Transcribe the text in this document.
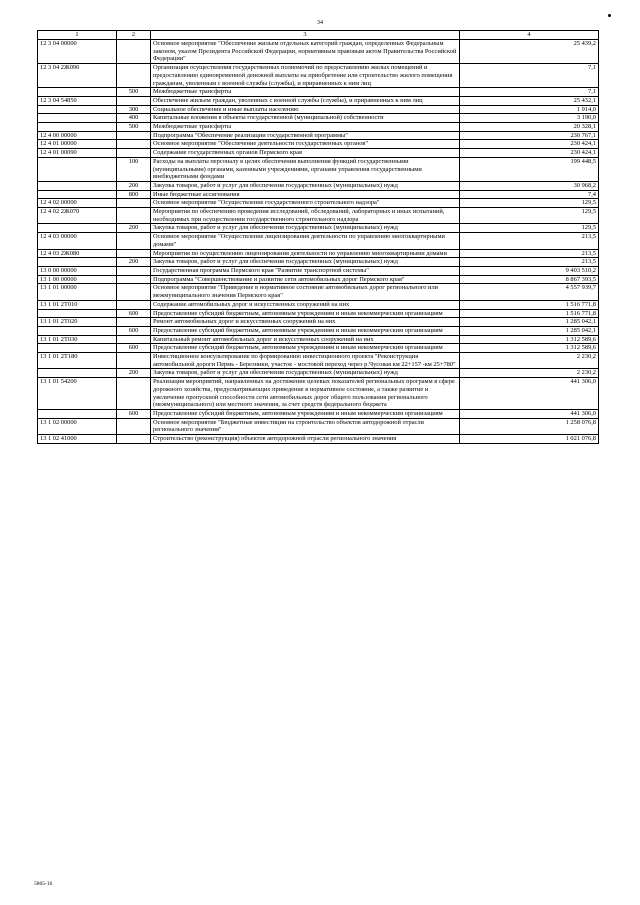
34
1	2	3	4
12 3 04 00000		Основное мероприятие "Обеспечение жильем отдельных категорий граждан, определенных Федеральным законом, указом Президента Российской Федерации, нормативным правовым актом Правительства Российской Федерации"	25 439,2
12 3 04 2Ж090		Организация осуществления государственных полномочий по предоставлению жилых помещений и предоставлению единовременной денежной выплаты на приобретение или строительство жилого помещения гражданам, уволенным с военной службы (службы), и приравненных к ним лиц	7,1
	500	Межбюджетные трансферты	7,1
12 3 04 54850		Обеспечение жильем граждан, уволенных с военной службы (службы), и приравненных к ним лиц	25 432,1
	300	Социальное обеспечение и иные выплаты населению	1 914,0
	400	Капитальные вложения в объекты государственной (муниципальной) собственности	3 190,0
	500	Межбюджетные трансферты	20 328,1
12 4 00 00000		Подпрограмма "Обеспечение реализации государственной программы"	230 767,1
12 4 01 00000		Основное мероприятие "Обеспечение деятельности государственных органов"	230 424,1
12 4 01 00090		Содержание государственных органов Пермского края	230 424,1
	100	Расходы на выплаты персоналу в целях обеспечения выполнения функций государственными (муниципальными) органами, казенными учреждениями, органами управления государственными внебюджетными фондами	199 448,5
	200	Закупка товаров, работ и услуг для обеспечения государственных (муниципальных) нужд	30 968,2
	800	Иные бюджетные ассигнования	7,4
12 4 02 00000		Основное мероприятие "Осуществление государственного строительного надзора"	129,5
12 4 02 2Ж070		Мероприятия по обеспечению проведения исследований, обследований, лабораторных и иных испытаний, необходимых при осуществлении государственного строительного надзора	129,5
	200	Закупка товаров, работ и услуг для обеспечения государственных (муниципальных) нужд	129,5
12 4 03 00000		Основное мероприятие "Осуществление лицензирования деятельности по управлению многоквартирными домами"	213,5
12 4 03 2Ж080		Мероприятия по осуществлению лицензирования деятельности по управлению многоквартирными домами	213,5
	200	Закупка товаров, работ и услуг для обеспечения государственных (муниципальных) нужд	213,5
13 0 00 00000		Государственная программа Пермского края "Развитие транспортной системы"	9 403 510,2
13 1 00 00000		Подпрограмма "Совершенствование и развитие сети автомобильных дорог Пермского края"	8 867 393,5
13 1 01 00000		Основное мероприятие "Приведение в нормативное состояние автомобильных дорог регионального или межмуниципального значения Пермского края"	4 557 939,7
13 1 01 2Т010		Содержание автомобильных дорог и искусственных сооружений на них	1 516 771,8
	600	Предоставление субсидий бюджетным, автономным учреждениям и иным некоммерческим организациям	1 516 771,8
13 1 01 2Т020		Ремонт автомобильных дорог и искусственных сооружений на них	1 285 042,1
	600	Предоставление субсидий бюджетным, автономным учреждениям и иным некоммерческим организациям	1 285 042,1
13 1 01 2Т030		Капитальный ремонт автомобильных дорог и искусственных сооружений на них	1 312 589,6
	600	Предоставление субсидий бюджетным, автономным учреждениям и иным некоммерческим организациям	1 312 589,6
13 1 01 2Т180		Инвестиционное консультирование по формированию инвестиционного проекта "Реконструкция автомобильной дороги Пермь - Березники, участок - мостовой переход через р.Чусовая км 22+157 -км 25+780"	2 230,2
	200	Закупка товаров, работ и услуг для обеспечения государственных (муниципальных) нужд	2 230,2
13 1 01 54200		Реализация мероприятий, направленных на достижение целевых показателей региональных программ в сфере дорожного хозяйства, предусматривающих приведение в нормативное состояние, а также развитие и увеличение пропускной способности сети автомобильных дорог общего пользования регионального (межмуниципального) или местного значения, за счет средств федерального бюджета	441 306,0
	600	Предоставление субсидий бюджетным, автономным учреждениям и иным некоммерческим организациям	441 306,0
13 1 02 00000		Основное мероприятие "Бюджетные инвестиции на строительство объектов автодорожной отрасли регионального значения"	1 258 076,8
13 1 02 41000		Строительство (реконструкция) объектов автодорожной отрасли регионального значения	1 021 076,8
5865-16
